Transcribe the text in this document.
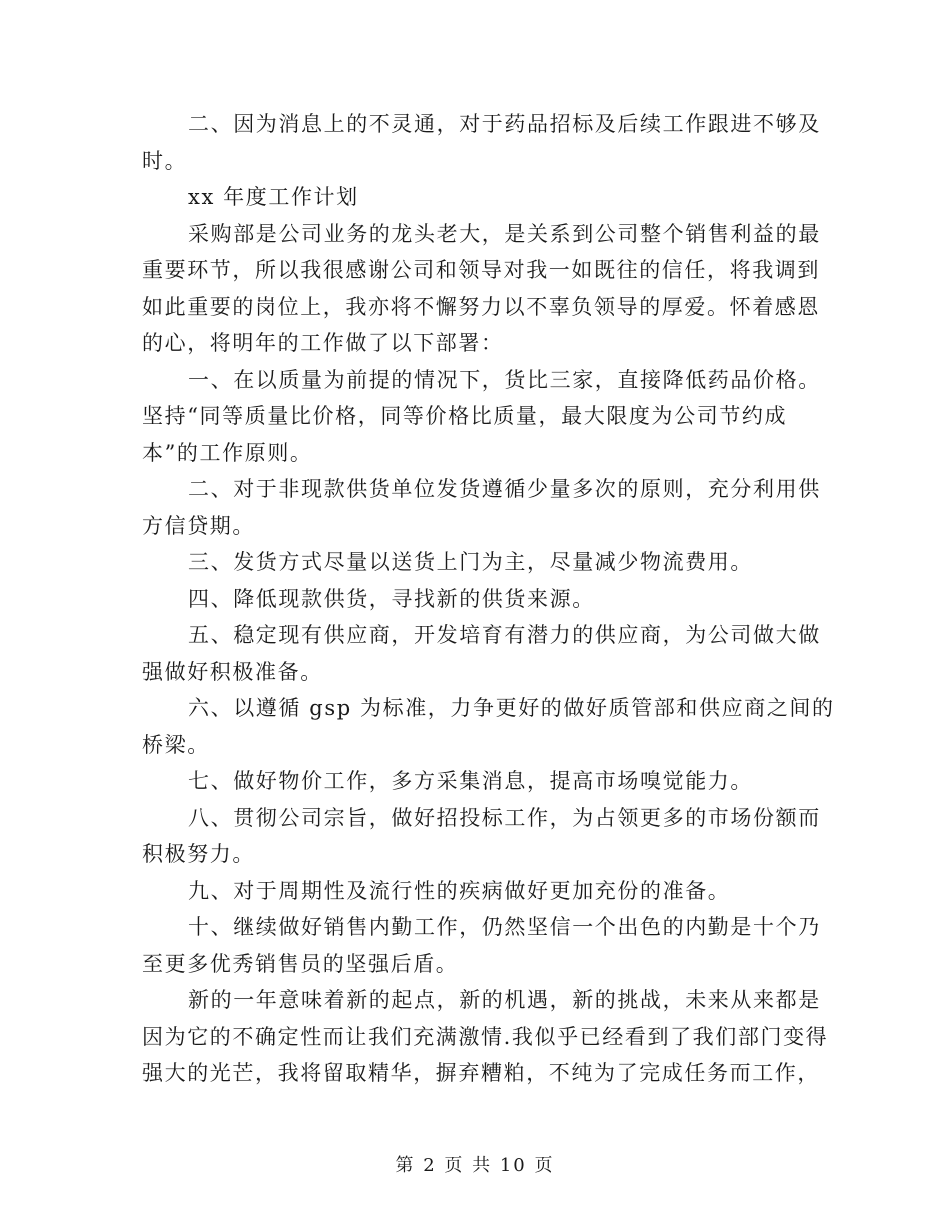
二、因为消息上的不灵通，对于药品招标及后续工作跟进不够及
时。
xx 年度工作计划
采购部是公司业务的龙头老大，是关系到公司整个销售利益的最
重要环节，所以我很感谢公司和领导对我一如既往的信任，将我调到
如此重要的岗位上，我亦将不懈努力以不辜负领导的厚爱。怀着感恩
的心，将明年的工作做了以下部署：
一、在以质量为前提的情况下，货比三家，直接降低药品价格。
坚持“同等质量比价格，同等价格比质量，最大限度为公司节约成
本”的工作原则。
二、对于非现款供货单位发货遵循少量多次的原则，充分利用供
方信贷期。
三、发货方式尽量以送货上门为主，尽量减少物流费用。
四、降低现款供货，寻找新的供货来源。
五、稳定现有供应商，开发培育有潜力的供应商，为公司做大做
强做好积极准备。
六、以遵循 gsp 为标准，力争更好的做好质管部和供应商之间的
桥梁。
七、做好物价工作，多方采集消息，提高市场嗅觉能力。
八、贯彻公司宗旨，做好招投标工作，为占领更多的市场份额而
积极努力。
九、对于周期性及流行性的疾病做好更加充份的准备。
十、继续做好销售内勤工作，仍然坚信一个出色的内勤是十个乃
至更多优秀销售员的坚强后盾。
新的一年意味着新的起点，新的机遇，新的挑战，未来从来都是
因为它的不确定性而让我们充满激情.我似乎已经看到了我们部门变得
强大的光芒，我将留取精华，摒弃糟粕，不纯为了完成任务而工作，
第 2 页 共 10 页
